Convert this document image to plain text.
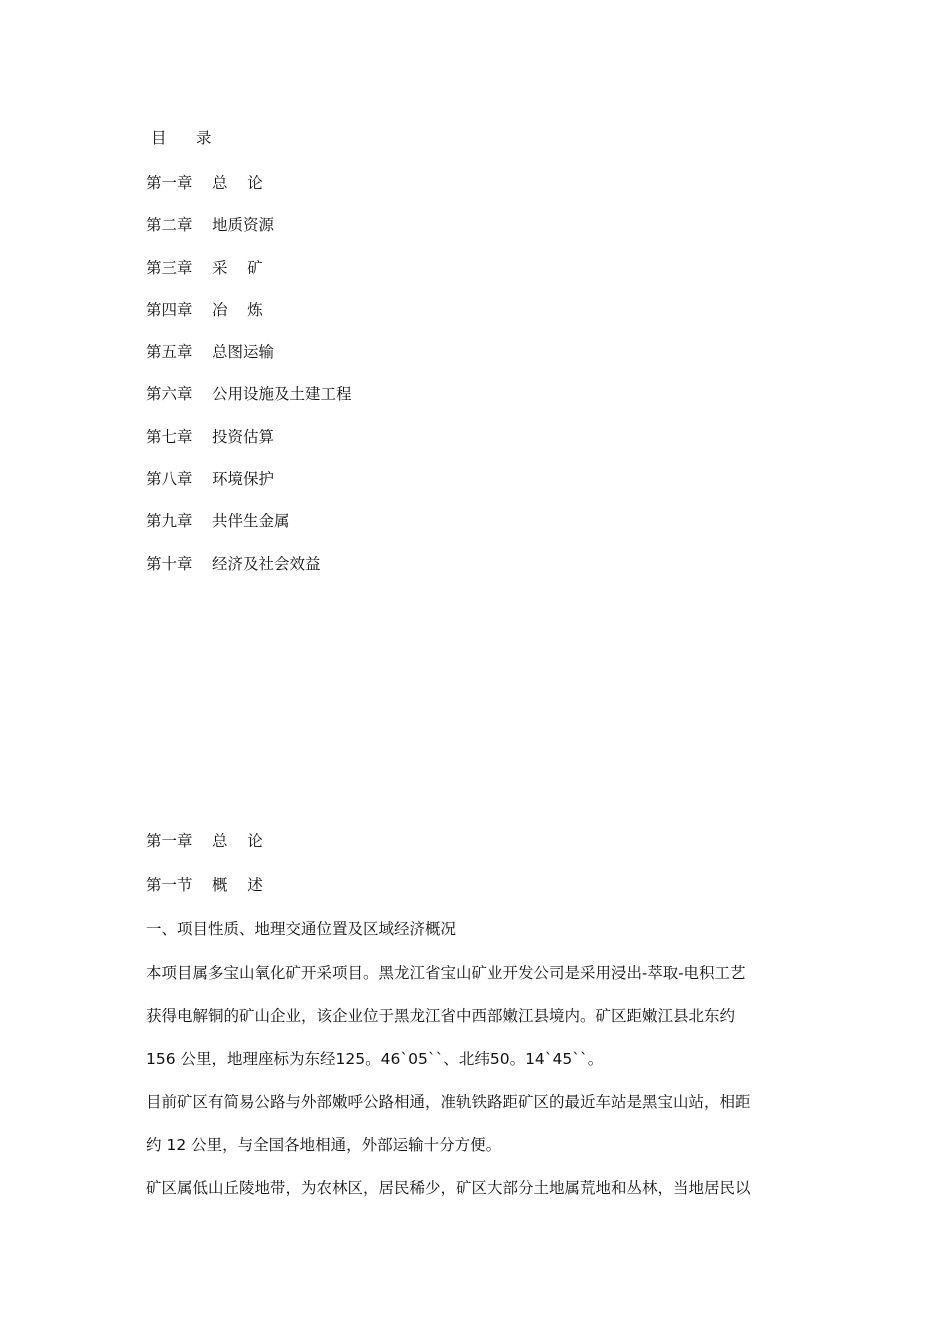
目      录
第一章 总    论
第二章 地质资源
第三章 采    矿
第四章 冶    炼
第五章 总图运输
第六章 公用设施及土建工程
第七章 投资估算
第八章 环境保护
第九章 共伴生金属
第十章 经济及社会效益
第一章 总    论
第一节 概    述
一、项目性质、地理交通位置及区域经济概况
本项目属多宝山氧化矿开采项目。黑龙江省宝山矿业开发公司是采用浸出-萃取-电积工艺
获得电解铜的矿山企业，该企业位于黑龙江省中西部嫩江县境内。矿区距嫩江县北东约
156 公里，地理座标为东经125。46`05``、北纬50。14`45``。
目前矿区有简易公路与外部嫩呼公路相通，准轨铁路距矿区的最近车站是黑宝山站，相距
约 12 公里，与全国各地相通，外部运输十分方便。
矿区属低山丘陵地带，为农林区，居民稀少，矿区大部分土地属荒地和丛林，当地居民以
